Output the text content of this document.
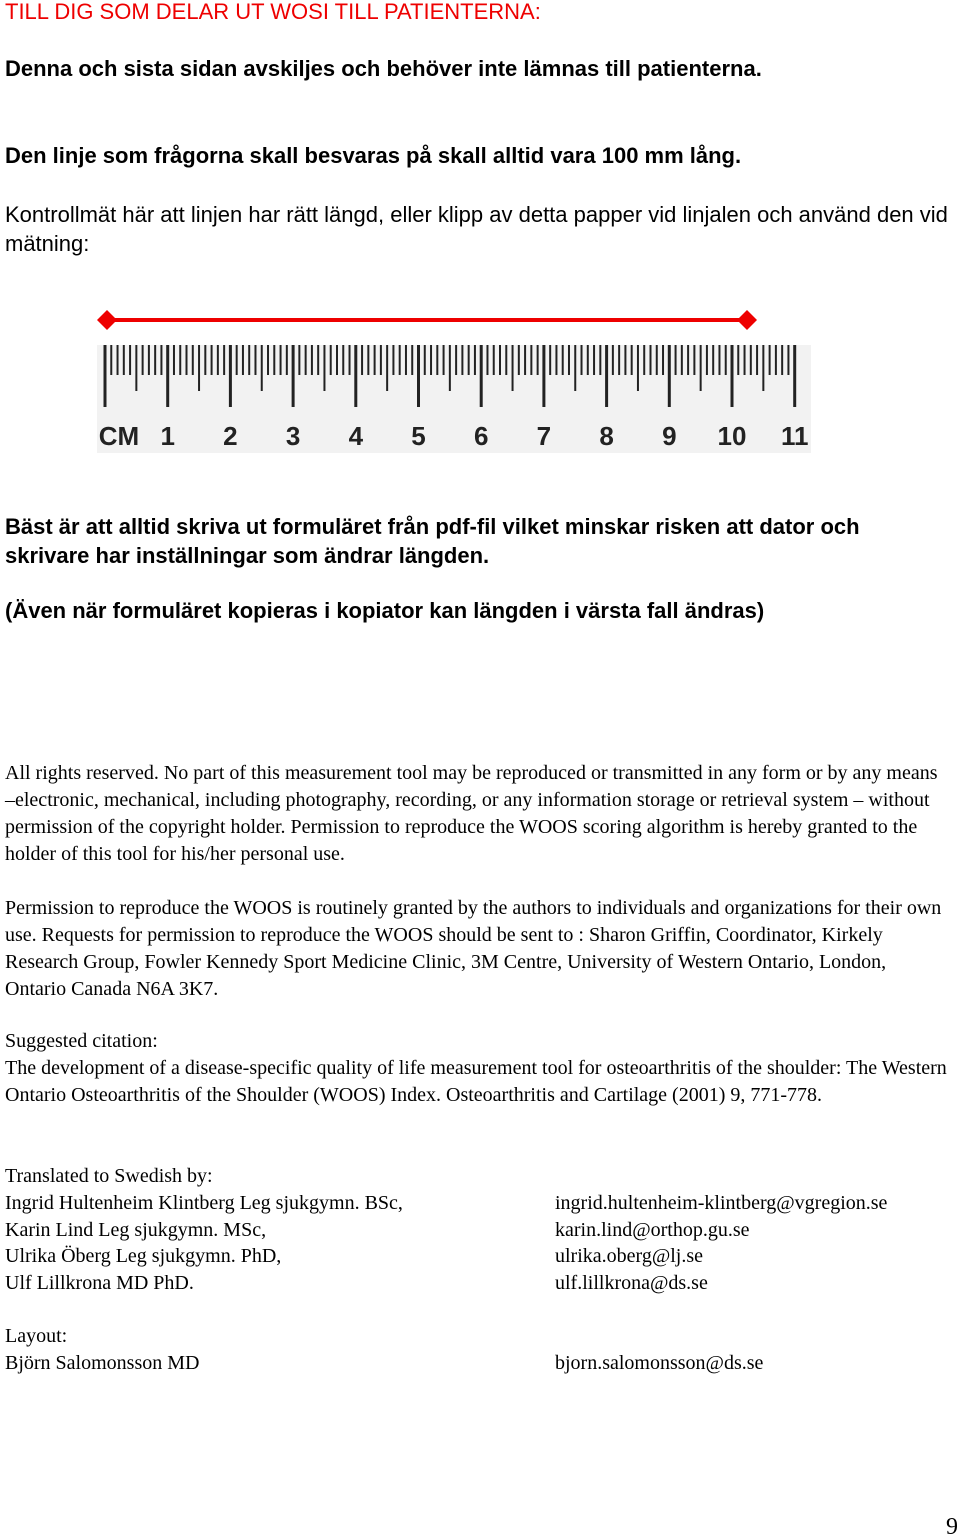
TILL DIG SOM DELAR UT WOSI TILL PATIENTERNA:

Denna och sista sidan avskiljes och behöver inte lämnas till patienterna.

Den linje som frågorna skall besvaras på skall alltid vara 100 mm lång.

Kontrollmät här att linjen har rätt längd, eller klipp av detta papper vid linjalen och använd den vid mätning:

CM 1 2 3 4 5 6 7 8 9 10 11

Bäst är att alltid skriva ut formuläret från pdf-fil vilket minskar risken att dator och skrivare har inställningar som ändrar längden.

(Även när formuläret kopieras i kopiator kan längden i värsta fall ändras)

All rights reserved. No part of this measurement tool may be reproduced or transmitted in any form or by any means –electronic, mechanical, including photography, recording, or any information storage or retrieval system – without permission of the copyright holder. Permission to reproduce the WOOS scoring algorithm is hereby granted to the holder of this tool for his/her personal use.

Permission to reproduce the WOOS is routinely granted by the authors to individuals and organizations for their own use. Requests for permission to reproduce the WOOS should be sent to : Sharon Griffin, Coordinator, Kirkely Research Group, Fowler Kennedy Sport Medicine Clinic, 3M Centre, University of Western Ontario, London, Ontario Canada N6A 3K7.

Suggested citation:

The development of a disease-specific quality of life measurement tool for osteoarthritis of the shoulder: The Western Ontario Osteoarthritis of the Shoulder (WOOS) Index. Osteoarthritis and Cartilage (2001) 9, 771-778.

Translated to Swedish by:

Ingrid Hultenheim Klintberg Leg sjukgymn. BSc,	ingrid.hultenheim-klintberg@vgregion.se
Karin Lind Leg sjukgymn. MSc,	karin.lind@orthop.gu.se
Ulrika Öberg Leg sjukgymn. PhD,	ulrika.oberg@lj.se
Ulf Lillkrona MD PhD.	ulf.lillkrona@ds.se

Layout:

Björn Salomonsson MD	bjorn.salomonsson@ds.se
9
